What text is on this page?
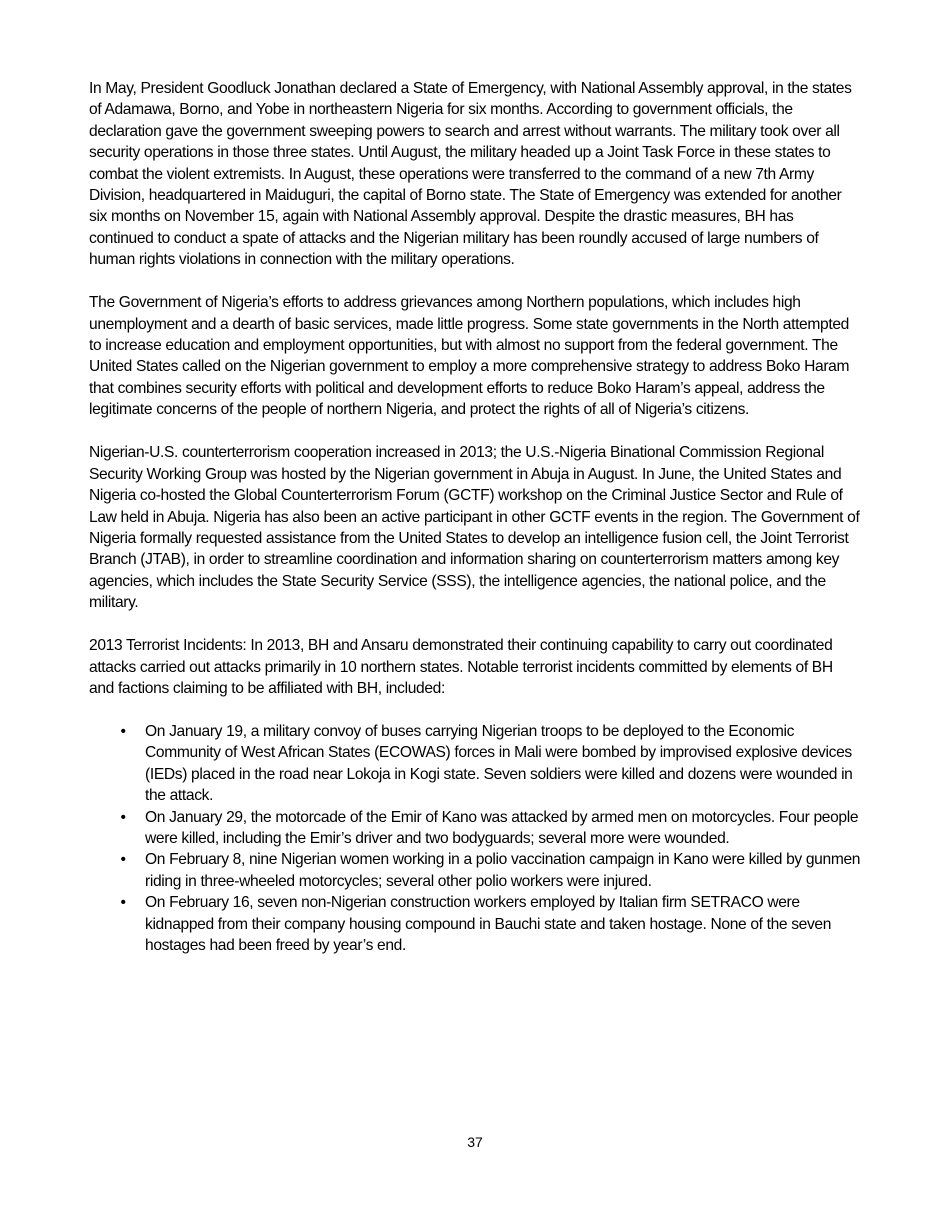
In May, President Goodluck Jonathan declared a State of Emergency, with National Assembly approval, in the states of Adamawa, Borno, and Yobe in northeastern Nigeria for six months. According to government officials, the declaration gave the government sweeping powers to search and arrest without warrants. The military took over all security operations in those three states. Until August, the military headed up a Joint Task Force in these states to combat the violent extremists. In August, these operations were transferred to the command of a new 7th Army Division, headquartered in Maiduguri, the capital of Borno state. The State of Emergency was extended for another six months on November 15, again with National Assembly approval. Despite the drastic measures, BH has continued to conduct a spate of attacks and the Nigerian military has been roundly accused of large numbers of human rights violations in connection with the military operations.

The Government of Nigeria’s efforts to address grievances among Northern populations, which includes high unemployment and a dearth of basic services, made little progress. Some state governments in the North attempted to increase education and employment opportunities, but with almost no support from the federal government. The United States called on the Nigerian government to employ a more comprehensive strategy to address Boko Haram that combines security efforts with political and development efforts to reduce Boko Haram’s appeal, address the legitimate concerns of the people of northern Nigeria, and protect the rights of all of Nigeria’s citizens.

Nigerian-U.S. counterterrorism cooperation increased in 2013; the U.S.-Nigeria Binational Commission Regional Security Working Group was hosted by the Nigerian government in Abuja in August. In June, the United States and Nigeria co-hosted the Global Counterterrorism Forum (GCTF) workshop on the Criminal Justice Sector and Rule of Law held in Abuja. Nigeria has also been an active participant in other GCTF events in the region. The Government of Nigeria formally requested assistance from the United States to develop an intelligence fusion cell, the Joint Terrorist Branch (JTAB), in order to streamline coordination and information sharing on counterterrorism matters among key agencies, which includes the State Security Service (SSS), the intelligence agencies, the national police, and the military.

2013 Terrorist Incidents: In 2013, BH and Ansaru demonstrated their continuing capability to carry out coordinated attacks carried out attacks primarily in 10 northern states. Notable terrorist incidents committed by elements of BH and factions claiming to be affiliated with BH, included:

• On January 19, a military convoy of buses carrying Nigerian troops to be deployed to the Economic Community of West African States (ECOWAS) forces in Mali were bombed by improvised explosive devices (IEDs) placed in the road near Lokoja in Kogi state. Seven soldiers were killed and dozens were wounded in the attack.
• On January 29, the motorcade of the Emir of Kano was attacked by armed men on motorcycles. Four people were killed, including the Emir’s driver and two bodyguards; several more were wounded.
• On February 8, nine Nigerian women working in a polio vaccination campaign in Kano were killed by gunmen riding in three-wheeled motorcycles; several other polio workers were injured.
• On February 16, seven non-Nigerian construction workers employed by Italian firm SETRACO were kidnapped from their company housing compound in Bauchi state and taken hostage. None of the seven hostages had been freed by year’s end.
37
